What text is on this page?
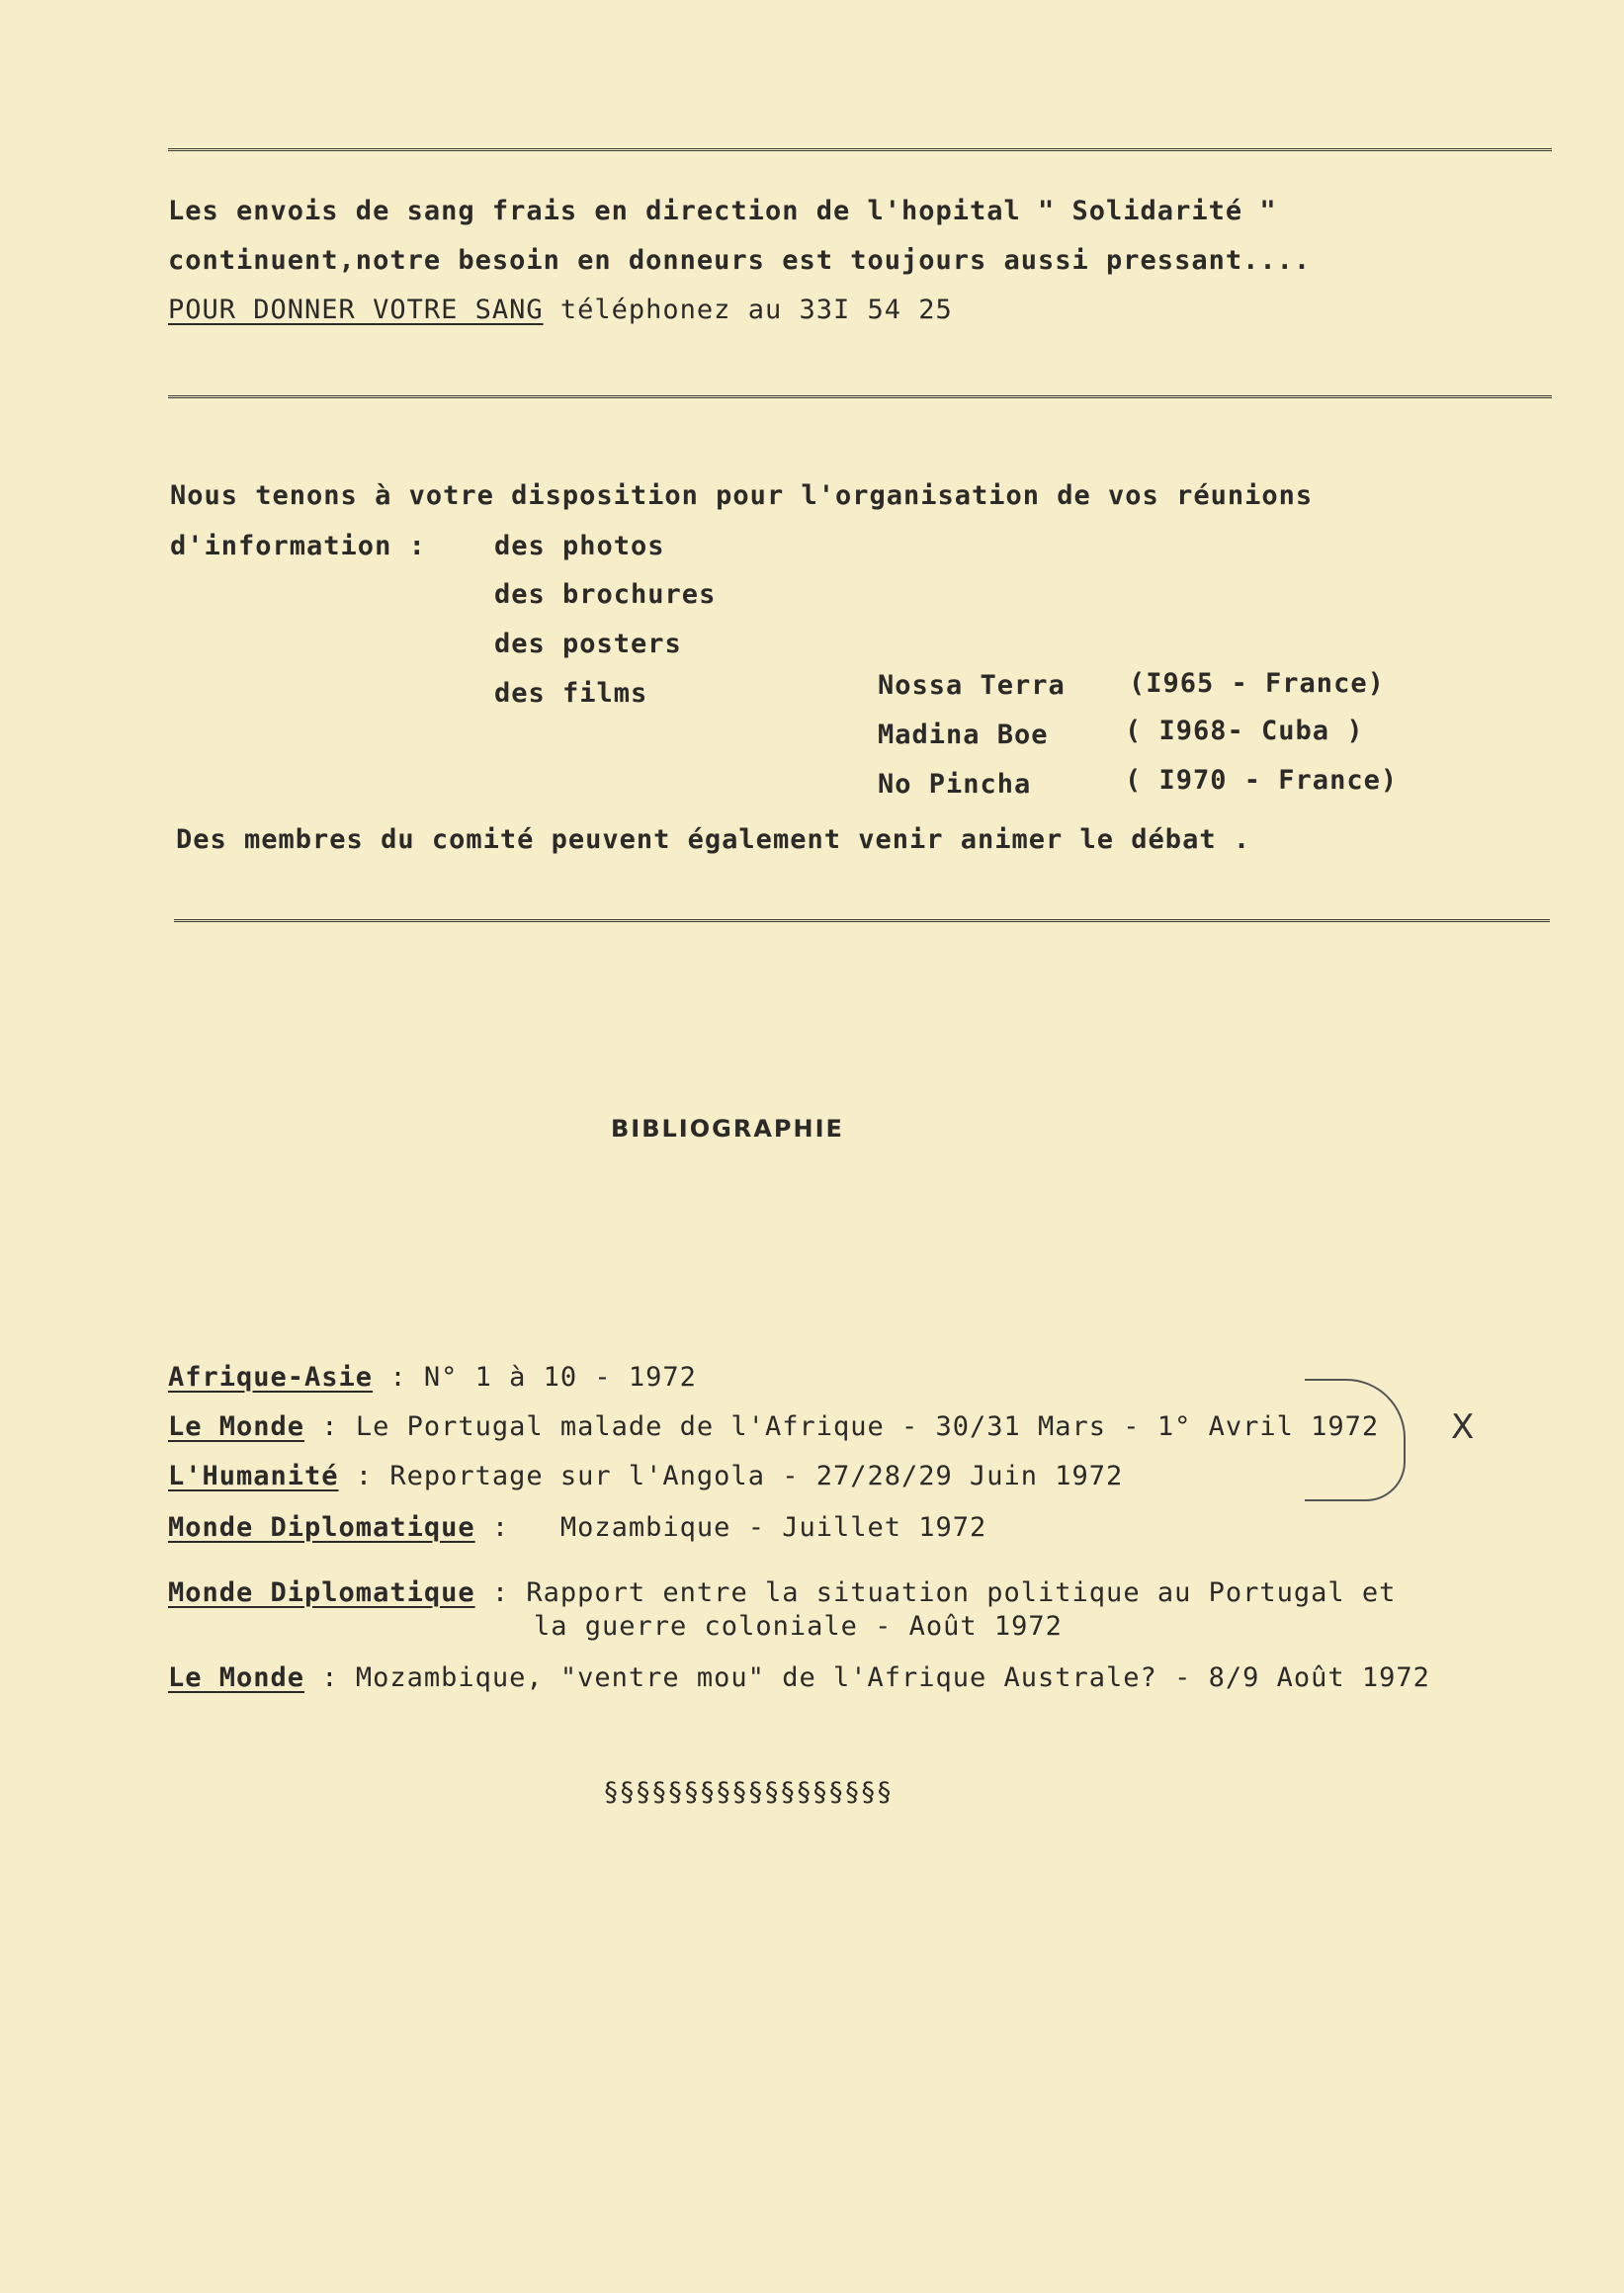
Les envois de sang frais en direction de l'hopital " Solidarité "
continuent,notre besoin en donneurs est toujours aussi pressant....
POUR DONNER VOTRE SANG téléphonez au 33I 54 25
Nous tenons à votre disposition pour l'organisation de vos réunions
d'information :	des photos
des brochures
des posters
des films	Nossa Terra (I965 - France)
Madina Boe	( I968- Cuba )
No Pincha	( I970 - France)
Des membres du comité peuvent également venir animer le débat .
BIBLIOGRAPHIE
Afrique-Asie : N° 1 à 10 - 1972
Le Monde : Le Portugal malade de l'Afrique - 30/31 Mars - 1° Avril 1972
L'Humanité : Reportage sur l'Angola - 27/28/29 Juin 1972
Monde Diplomatique :   Mozambique - Juillet 1972
Monde Diplomatique : Rapport entre la situation politique au Portugal et
la guerre coloniale - Août 1972
Le Monde : Mozambique, "ventre mou" de l'Afrique Australe? - 8/9 Août 1972
X
§§§§§§§§§§§§§§§§§§
